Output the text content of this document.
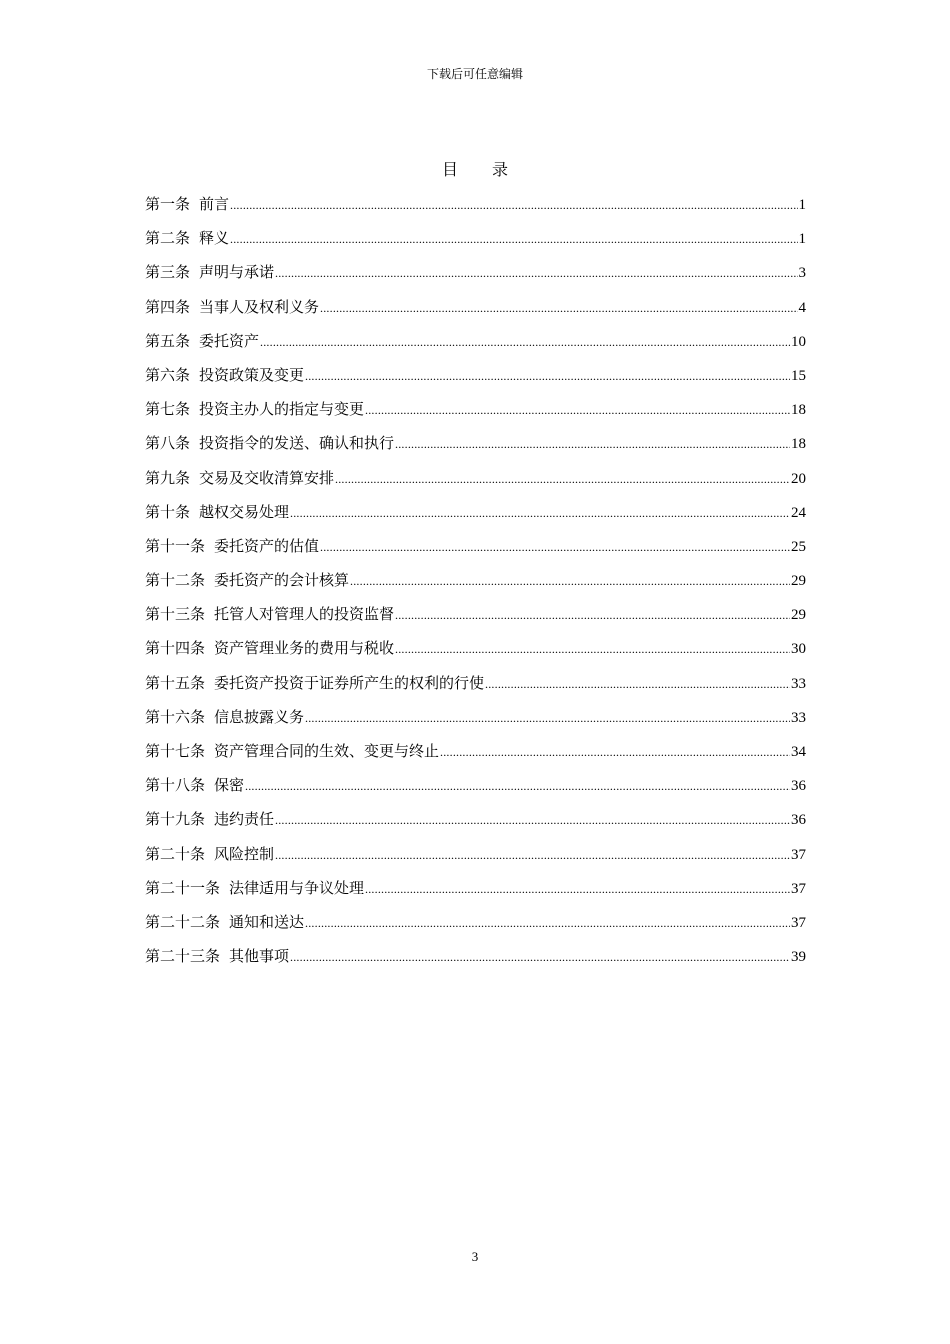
下载后可任意编辑
目 录
第一条 前言 .....	1
第二条 释义 .....	1
第三条 声明与承诺 .....	3
第四条 当事人及权利义务 .....	4
第五条 委托资产 .....	10
第六条 投资政策及变更 .....	15
第七条 投资主办人的指定与变更 .....	18
第八条 投资指令的发送、确认和执行 .....	18
第九条 交易及交收清算安排 .....	20
第十条 越权交易处理 .....	24
第十一条 委托资产的估值 .....	25
第十二条 委托资产的会计核算 .....	29
第十三条 托管人对管理人的投资监督 .....	29
第十四条 资产管理业务的费用与税收 .....	30
第十五条 委托资产投资于证券所产生的权利的行使 .....	33
第十六条 信息披露义务 .....	33
第十七条 资产管理合同的生效、变更与终止 .....	34
第十八条 保密 .....	36
第十九条 违约责任 .....	36
第二十条 风险控制 .....	37
第二十一条 法律适用与争议处理 .....	37
第二十二条 通知和送达 .....	37
第二十三条 其他事项 .....	39
3
